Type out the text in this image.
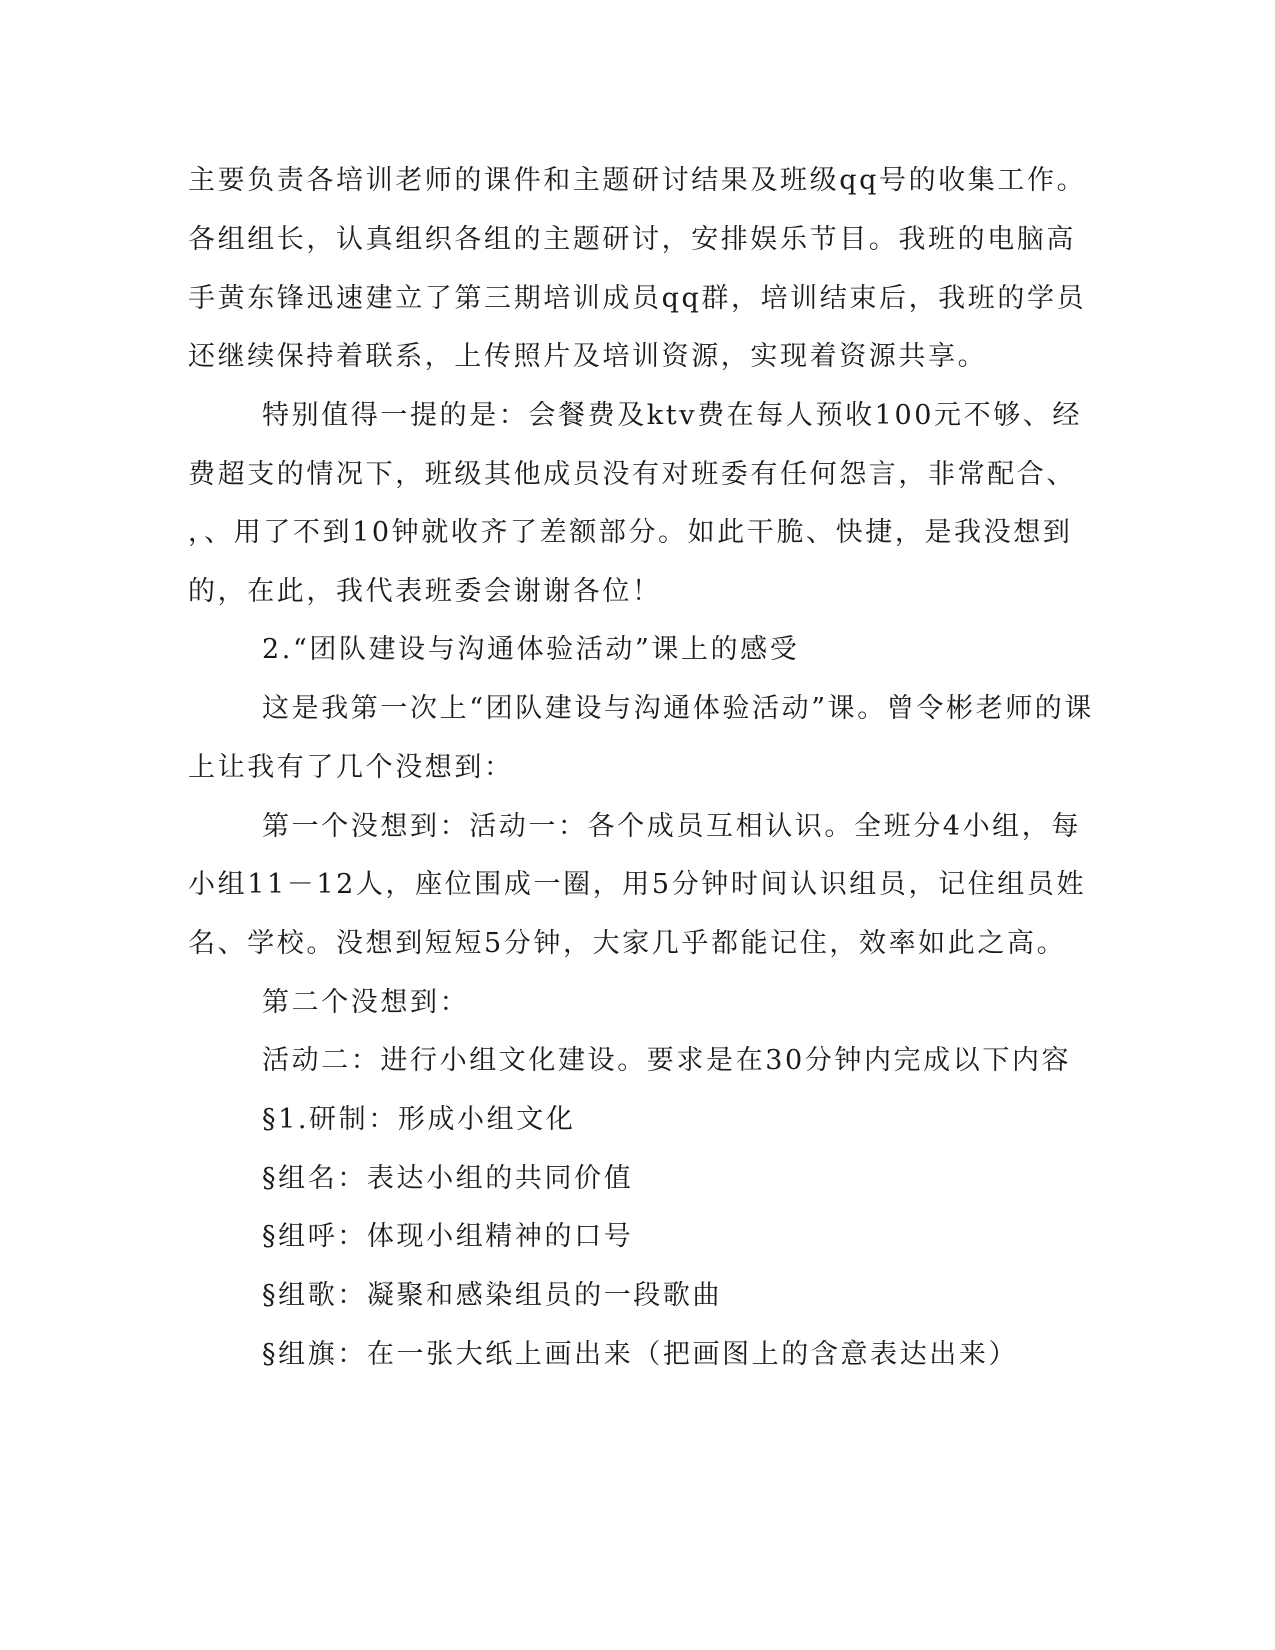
主要负责各培训老师的课件和主题研讨结果及班级qq号的收集工作。
各组组长，认真组织各组的主题研讨，安排娱乐节目。我班的电脑高
手黄东锋迅速建立了第三期培训成员qq群，培训结束后，我班的学员
还继续保持着联系，上传照片及培训资源，实现着资源共享。
特别值得一提的是：会餐费及ktv费在每人预收100元不够、经
费超支的情况下，班级其他成员没有对班委有任何怨言，非常配合、
，、用了不到10钟就收齐了差额部分。如此干脆、快捷，是我没想到
的，在此，我代表班委会谢谢各位！
2.“团队建设与沟通体验活动”课上的感受
这是我第一次上“团队建设与沟通体验活动”课。曾令彬老师的课
上让我有了几个没想到：
第一个没想到：活动一：各个成员互相认识。全班分4小组，每
小组11－12人，座位围成一圈，用5分钟时间认识组员，记住组员姓
名、学校。没想到短短5分钟，大家几乎都能记住，效率如此之高。
第二个没想到：
活动二：进行小组文化建设。要求是在30分钟内完成以下内容
§1.研制：形成小组文化
§组名：表达小组的共同价值
§组呼：体现小组精神的口号
§组歌：凝聚和感染组员的一段歌曲
§组旗：在一张大纸上画出来（把画图上的含意表达出来）
